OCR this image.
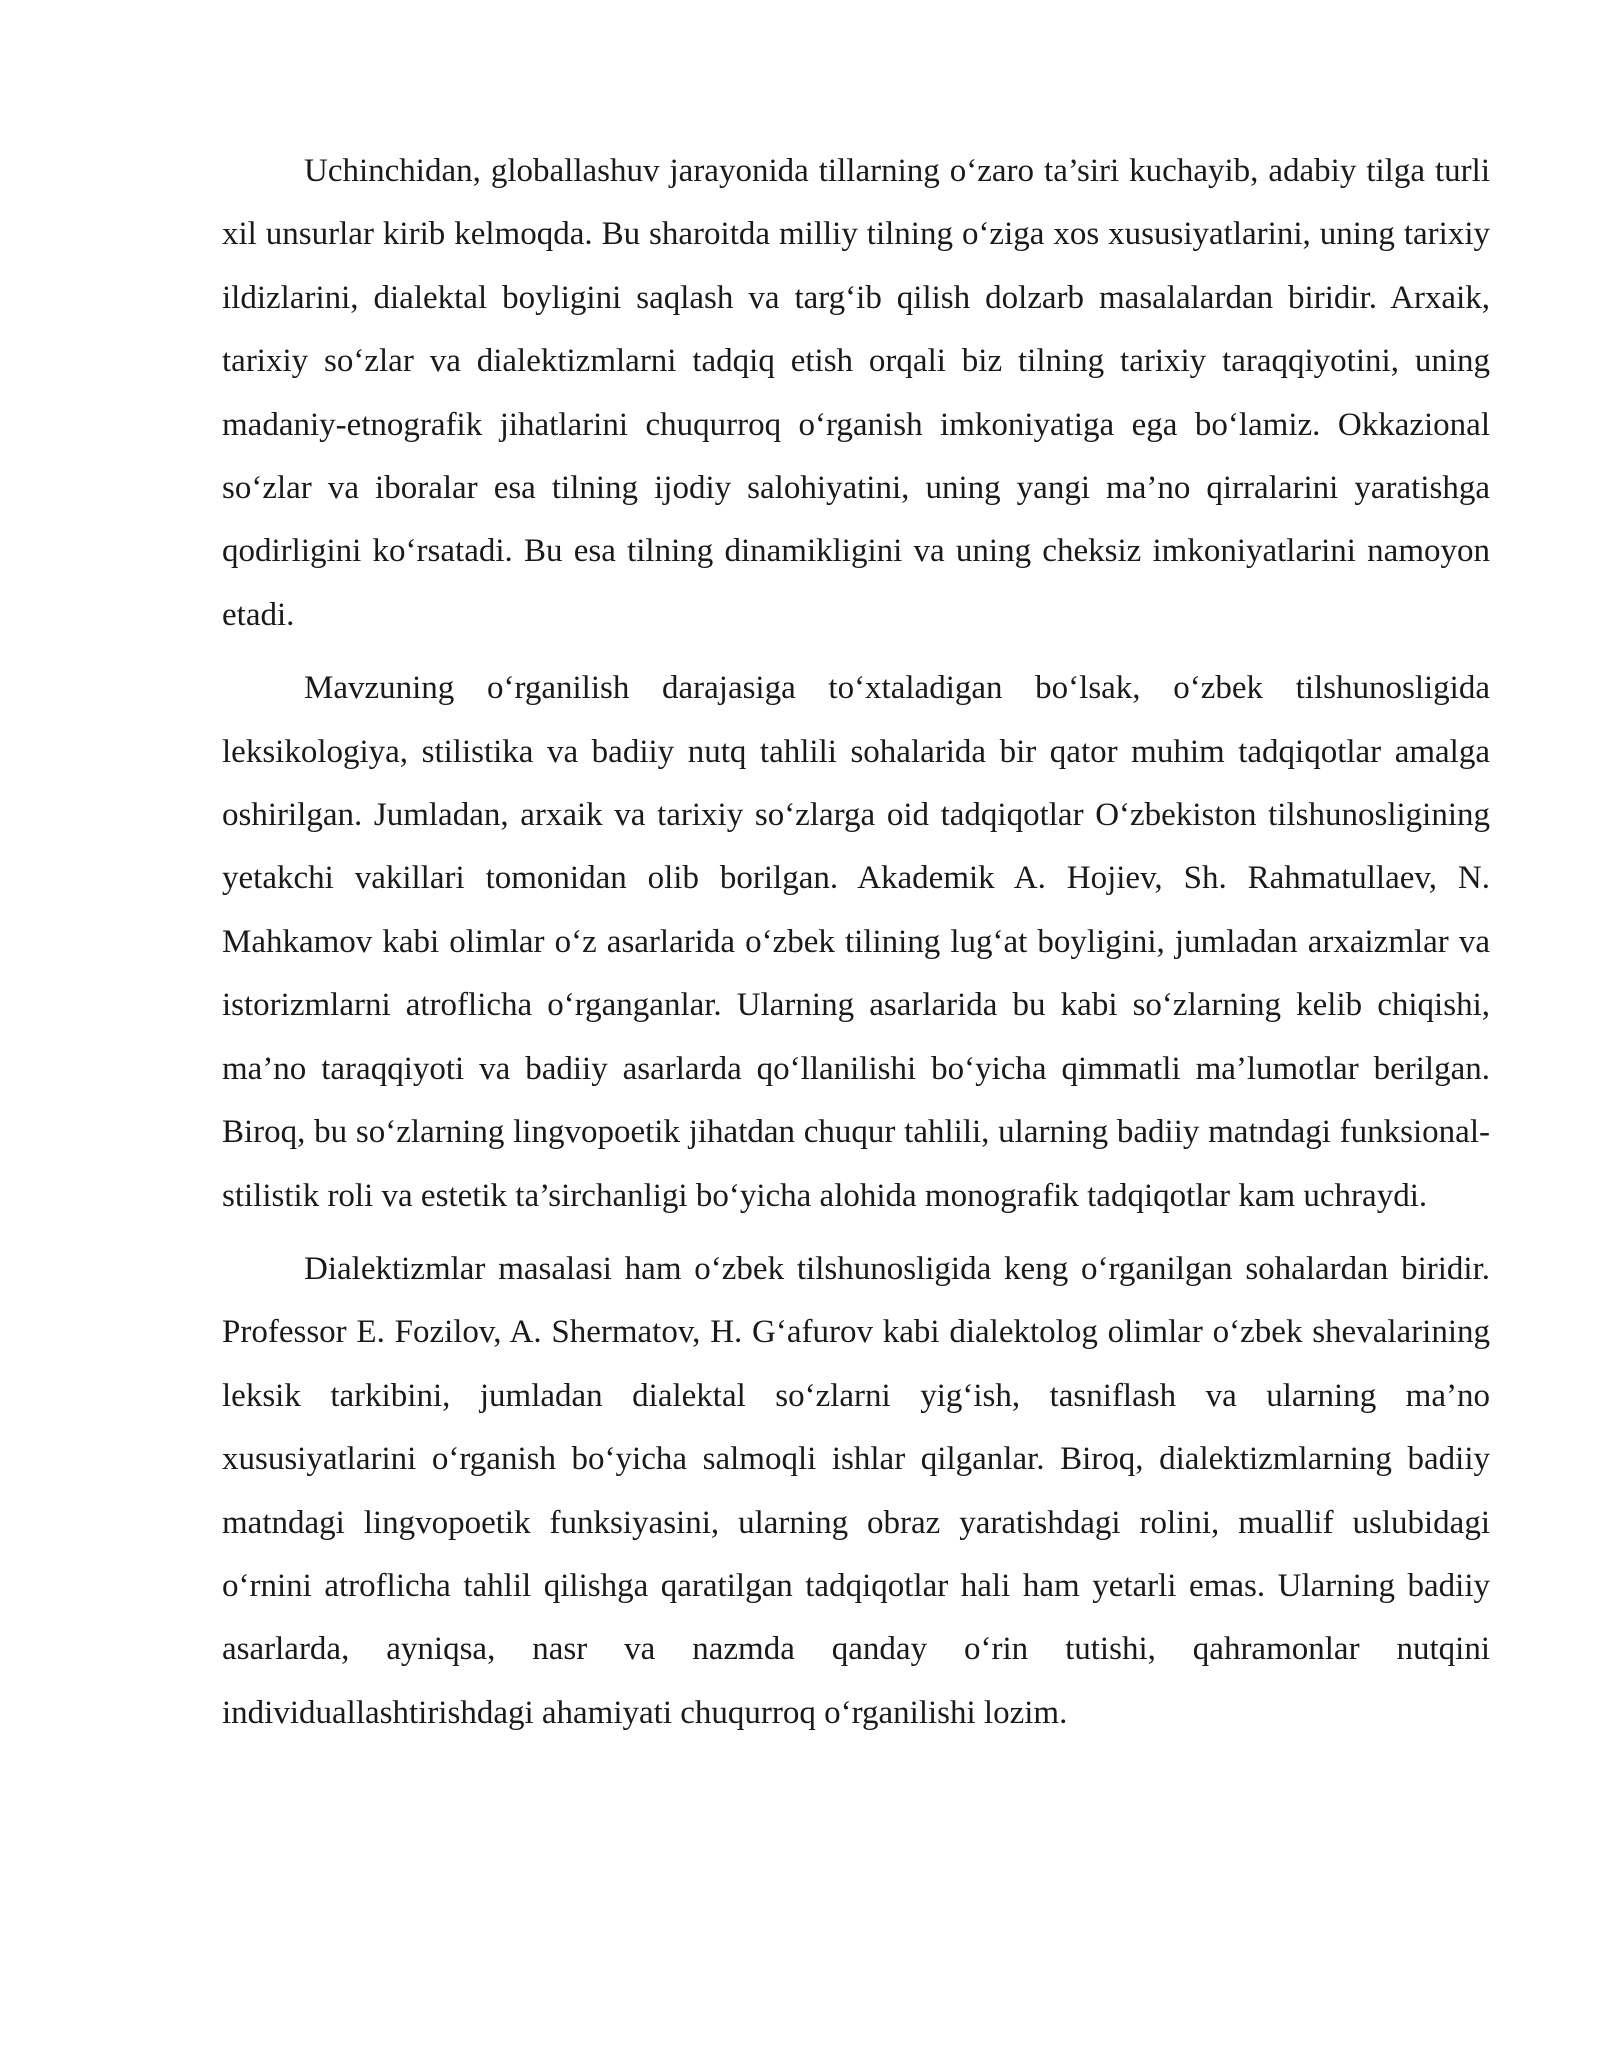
Uchinchidan, globallashuv jarayonida tillarning o‘zaro ta’siri kuchayib, adabiy tilga turli xil unsurlar kirib kelmoqda. Bu sharoitda milliy tilning o‘ziga xos xususiyatlarini, uning tarixiy ildizlarini, dialektal boyligini saqlash va targ‘ib qilish dolzarb masalalardan biridir. Arxaik, tarixiy so‘zlar va dialektizmlarni tadqiq etish orqali biz tilning tarixiy taraqqiyotini, uning madaniy-etnografik jihatlarini chuqurroq o‘rganish imkoniyatiga ega bo‘lamiz. Okkazional so‘zlar va iboralar esa tilning ijodiy salohiyatini, uning yangi ma’no qirralarini yaratishga qodirligini ko‘rsatadi. Bu esa tilning dinamikligini va uning cheksiz imkoniyatlarini namoyon etadi.

Mavzuning o‘rganilish darajasiga to‘xtaladigan bo‘lsak, o‘zbek tilshunosligida leksikologiya, stilistika va badiiy nutq tahlili sohalarida bir qator muhim tadqiqotlar amalga oshirilgan. Jumladan, arxaik va tarixiy so‘zlarga oid tadqiqotlar O‘zbekiston tilshunosligining yetakchi vakillari tomonidan olib borilgan. Akademik A. Hojiev, Sh. Rahmatullaev, N. Mahkamov kabi olimlar o‘z asarlarida o‘zbek tilining lug‘at boyligini, jumladan arxaizmlar va istorizmlarni atroflicha o‘rganganlar. Ularning asarlarida bu kabi so‘zlarning kelib chiqishi, ma’no taraqqiyoti va badiiy asarlarda qo‘llanilishi bo‘yicha qimmatli ma’lumotlar berilgan. Biroq, bu so‘zlarning lingvopoetik jihatdan chuqur tahlili, ularning badiiy matndagi funksional-stilistik roli va estetik ta’sirchanligi bo‘yicha alohida monografik tadqiqotlar kam uchraydi.

Dialektizmlar masalasi ham o‘zbek tilshunosligida keng o‘rganilgan sohalardan biridir. Professor E. Fozilov, A. Shermatov, H. G‘afurov kabi dialektolog olimlar o‘zbek shevalarining leksik tarkibini, jumladan dialektal so‘zlarni yig‘ish, tasniflash va ularning ma’no xususiyatlarini o‘rganish bo‘yicha salmoqli ishlar qilganlar. Biroq, dialektizmlarning badiiy matndagi lingvopoetik funksiyasini, ularning obraz yaratishdagi rolini, muallif uslubidagi o‘rnini atroflicha tahlil qilishga qaratilgan tadqiqotlar hali ham yetarli emas. Ularning badiiy asarlarda, ayniqsa, nasr va nazmda qanday o‘rin tutishi, qahramonlar nutqini individuallashtirishdagi ahamiyati chuqurroq o‘rganilishi lozim.
